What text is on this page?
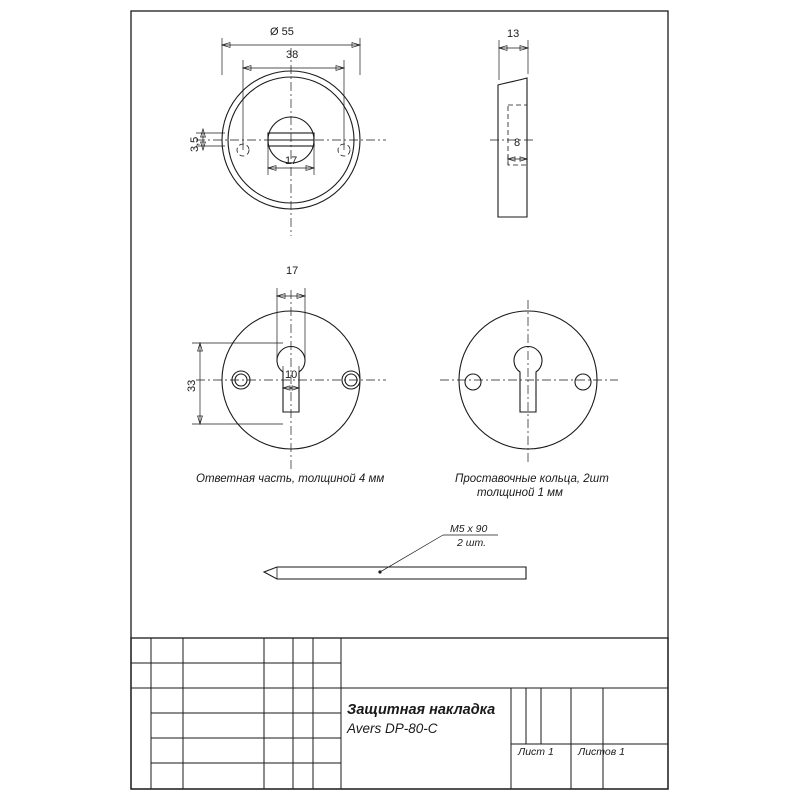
Ø 55
38
17
3,5
13
8
17
33
10
Ответная часть, толщиной 4 мм	Проставочные кольца, 2шт
толщиной 1 мм
M5 x 90
2 шт.
Защитная накладка
Avers DP-80-C
Лист 1 Листов 1
